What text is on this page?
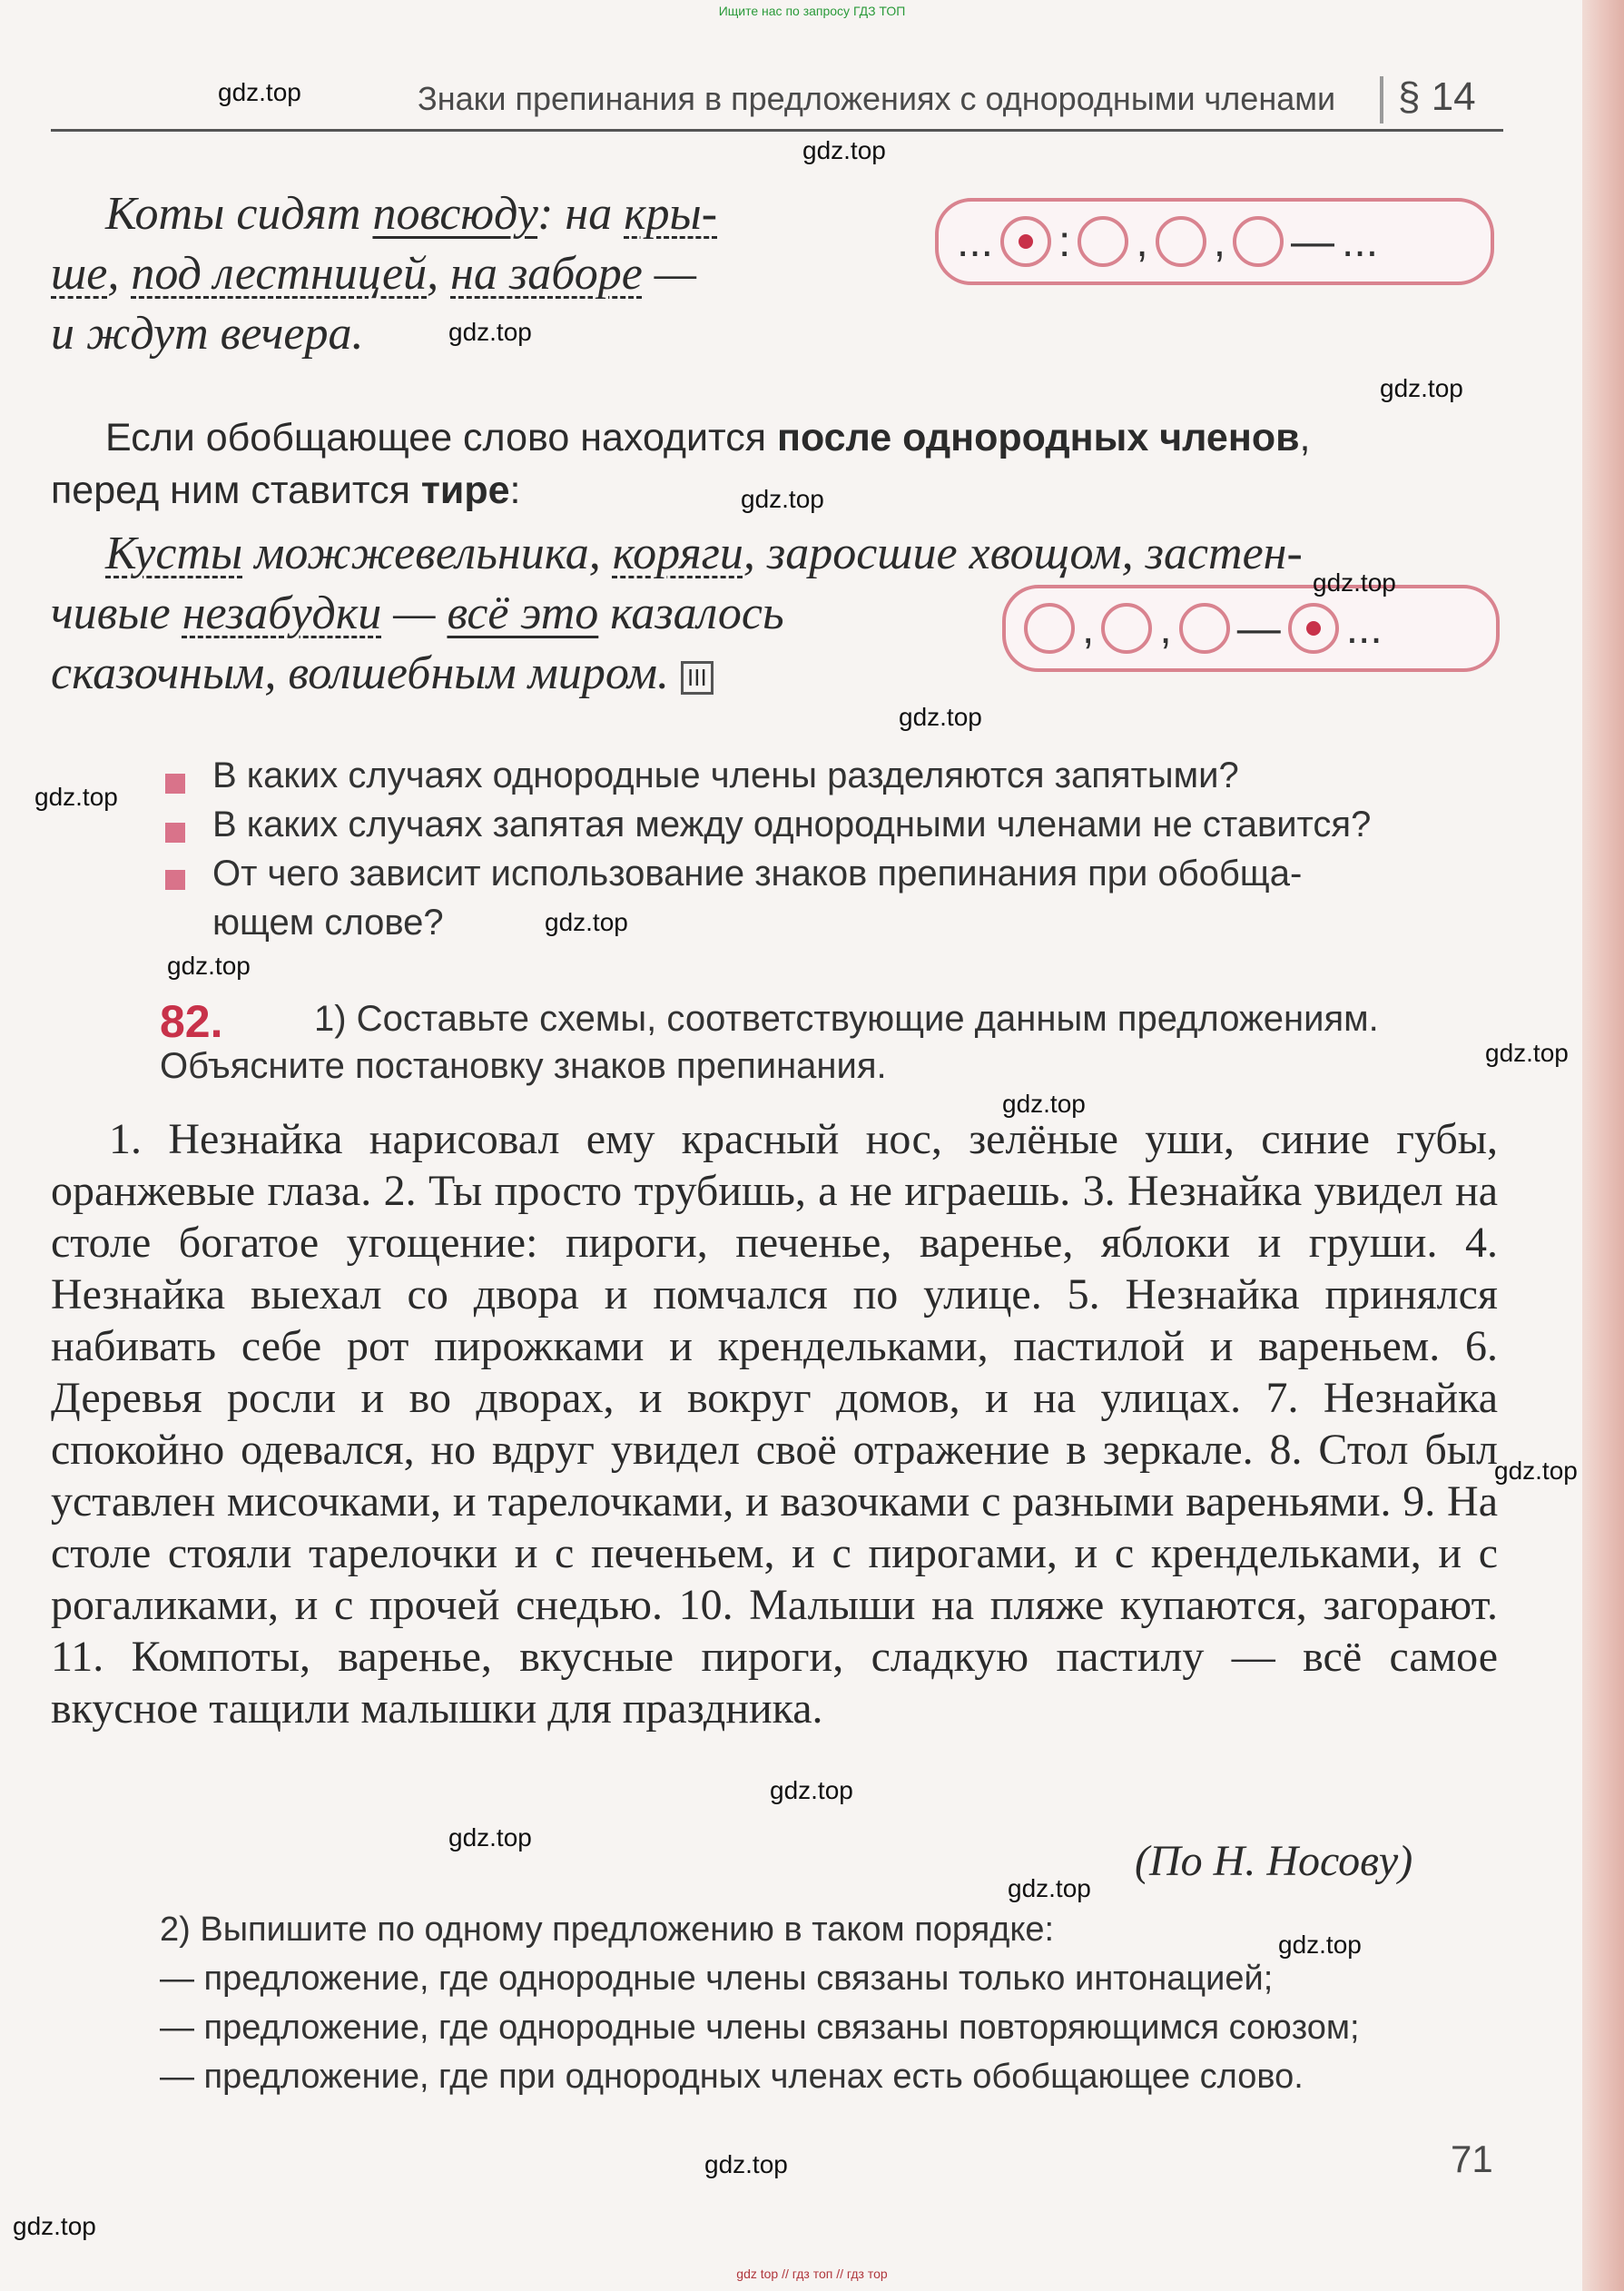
Ищите нас по запросу ГДЗ ТОП
Знаки препинания в предложениях с однородными членами § 14
Коты сидят повсюду: на кры-
ше, под лестницей, на заборе —
и ждут вечера.
... : , , — ...
Если обобщающее слово находится после однородных членов,
перед ним ставится тире:
Кусты можжевельника, коряги, заросшие хвощом, застен-
чивые незабудки — всё это казалось
сказочным, волшебным миром. III
, , — ...
В каких случаях однородные члены разделяются запятыми?
В каких случаях запятая между однородными членами не ставится?
От чего зависит использование знаков препинания при обобща-
ющем слове?
82.	1) Составьте схемы, соответствующие данным предложениям.
Объясните постановку знаков препинания.
1. Незнайка нарисовал ему красный нос, зелёные уши, синие губы, оранжевые глаза. 2. Ты просто трубишь, а не играешь. 3. Незнайка увидел на столе богатое угощение: пироги, печенье, варенье, яблоки и груши. 4. Незнайка выехал со двора и помчался по улице. 5. Незнайка принялся набивать себе рот пирожками и крендельками, пастилой и вареньем. 6. Деревья росли и во дворах, и вокруг домов, и на улицах. 7. Незнайка спокойно одевался, но вдруг увидел своё отражение в зеркале. 8. Стол был уставлен мисочками, и тарелочками, и вазочками с разными вареньями. 9. На столе стояли тарелочки и с печеньем, и с пирогами, и с крендельками, и с рогаликами, и с прочей снедью. 10. Малыши на пляже купаются, загорают. 11. Компоты, варенье, вкусные пироги, сладкую пастилу — всё самое вкусное тащили малышки для праздника.
(По Н. Носову)
2) Выпишите по одному предложению в таком порядке:
— предложение, где однородные члены связаны только интонацией;
— предложение, где однородные члены связаны повторяющимся союзом;
— предложение, где при однородных членах есть обобщающее слово.
71
gdz.top
gdz.top
gdz.top
gdz.top
gdz.top
gdz.top
gdz.top
gdz.top
gdz.top
gdz.top
gdz.top
gdz.top
gdz.top
gdz.top
gdz.top
gdz.top
gdz.top
gdz.top
gdz.top
gdz top // гдз топ // гдз тор
